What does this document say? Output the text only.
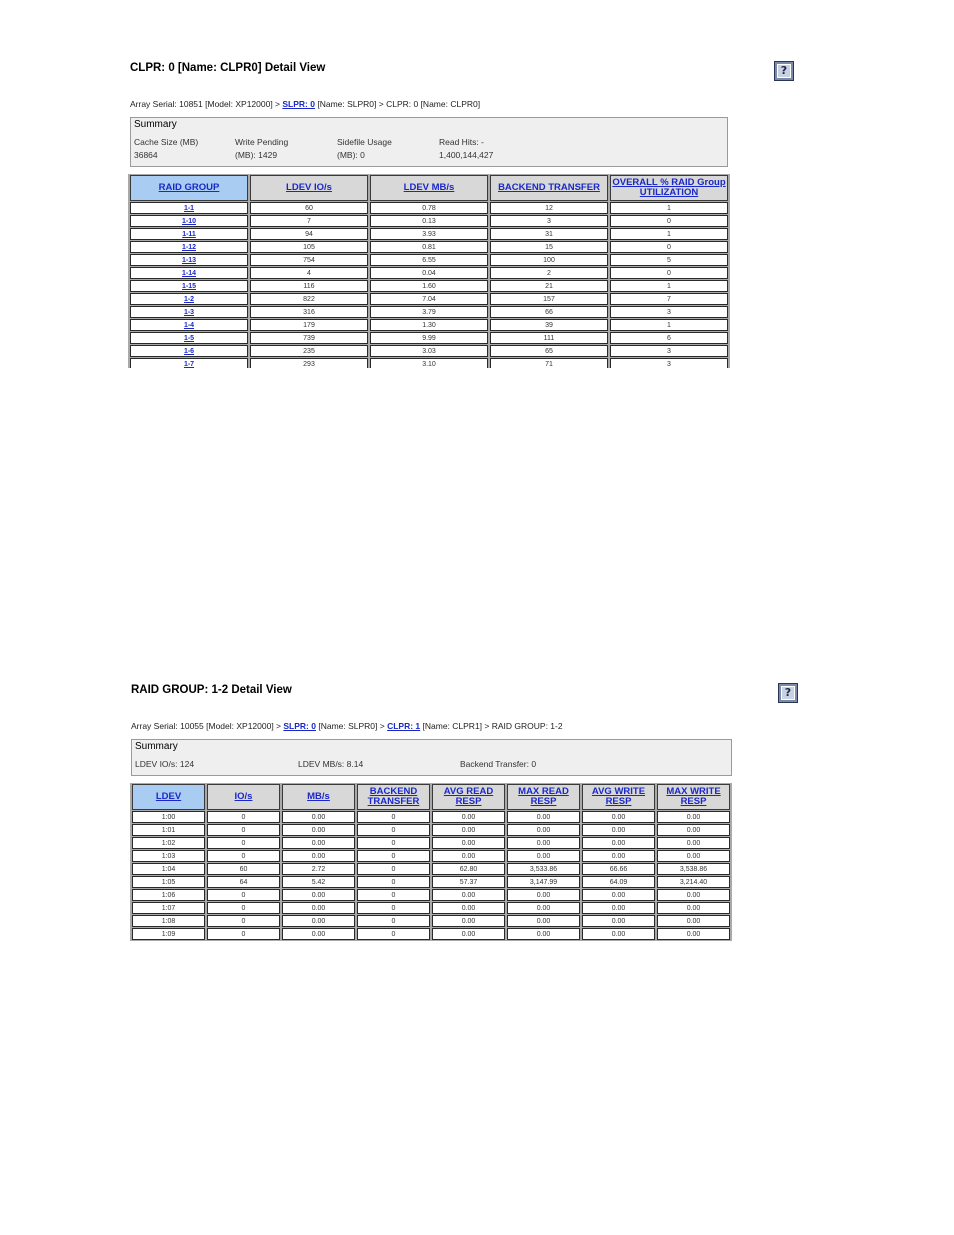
CLPR: 0 [Name: CLPR0] Detail View	?
Array Serial: 10851 [Model: XP12000] > SLPR: 0 [Name: SLPR0] > CLPR: 0 [Name: CLPR0]
Summary
Cache Size (MB)
36864
Write Pending
(MB): 1429
Sidefile Usage
(MB): 0
Read Hits: -
1,400,144,427
RAID GROUP	LDEV IO/s	LDEV MB/s	BACKEND TRANSFER	OVERALL % RAID Group UTILIZATION
1-1	60	0.78	12	1
1-10	7	0.13	3	0
1-11	94	3.93	31	1
1-12	105	0.81	15	0
1-13	754	6.55	100	5
1-14	4	0.04	2	0
1-15	116	1.60	21	1
1-2	822	7.04	157	7
1-3	316	3.79	66	3
1-4	179	1.30	39	1
1-5	739	9.99	111	6
1-6	235	3.03	65	3
1-7	293	3.10	71	3
RAID GROUP: 1-2 Detail View	?
Array Serial: 10055 [Model: XP12000] > SLPR: 0 [Name: SLPR0] > CLPR: 1 [Name: CLPR1] > RAID GROUP: 1-2
Summary
LDEV IO/s: 124	LDEV MB/s: 8.14	Backend Transfer: 0
LDEV	IO/s	MB/s	BACKEND TRANSFER	AVG READ RESP	MAX READ RESP	AVG WRITE RESP	MAX WRITE RESP
1:00	0	0.00	0	0.00	0.00	0.00	0.00
1:01	0	0.00	0	0.00	0.00	0.00	0.00
1:02	0	0.00	0	0.00	0.00	0.00	0.00
1:03	0	0.00	0	0.00	0.00	0.00	0.00
1:04	60	2.72	0	62.80	3,533.86	66.66	3,538.86
1:05	64	5.42	0	57.37	3,147.99	64.09	3,214.40
1:06	0	0.00	0	0.00	0.00	0.00	0.00
1:07	0	0.00	0	0.00	0.00	0.00	0.00
1:08	0	0.00	0	0.00	0.00	0.00	0.00
1:09	0	0.00	0	0.00	0.00	0.00	0.00
